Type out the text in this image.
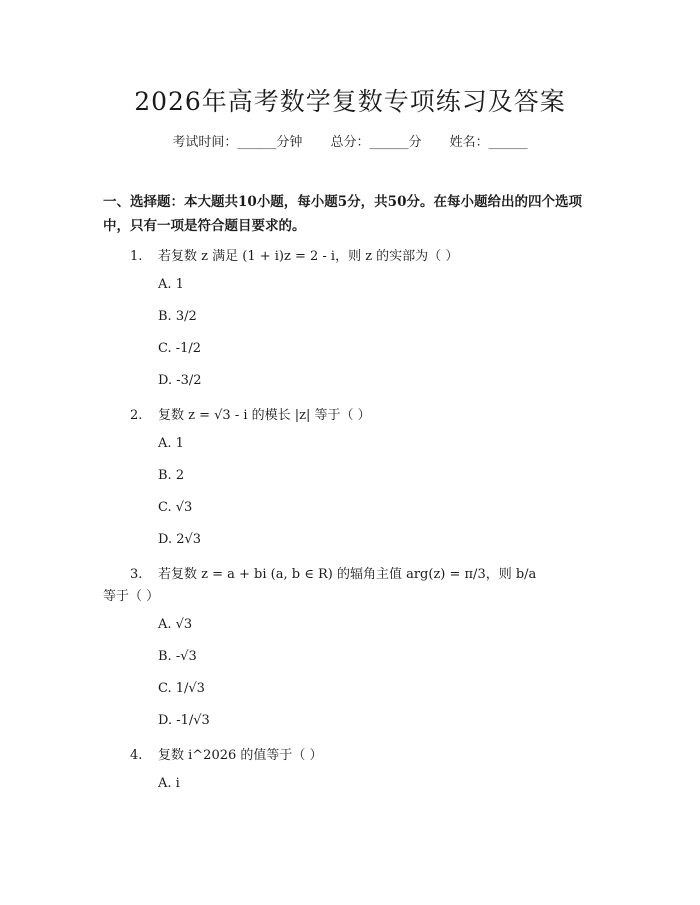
2026年高考数学复数专项练习及答案
考试时间：______分钟 总分：______分 姓名：______
一、选择题：本大题共10小题，每小题5分，共50分。在每小题给出的四个选项中，只有一项是符合题目要求的。
1. 若复数 z 满足 (1 + i)z = 2 - i，则 z 的实部为（ ）
A. 1
B. 3/2
C. -1/2
D. -3/2
2. 复数 z = √3 - i 的模长 |z| 等于（ ）
A. 1
B. 2
C. √3
D. 2√3
3. 若复数 z = a + bi (a, b ∈ R) 的辐角主值 arg(z) = π/3，则 b/a
等于（ ）
A. √3
B. -√3
C. 1/√3
D. -1/√3
4. 复数 i^2026 的值等于（ ）
A. i
